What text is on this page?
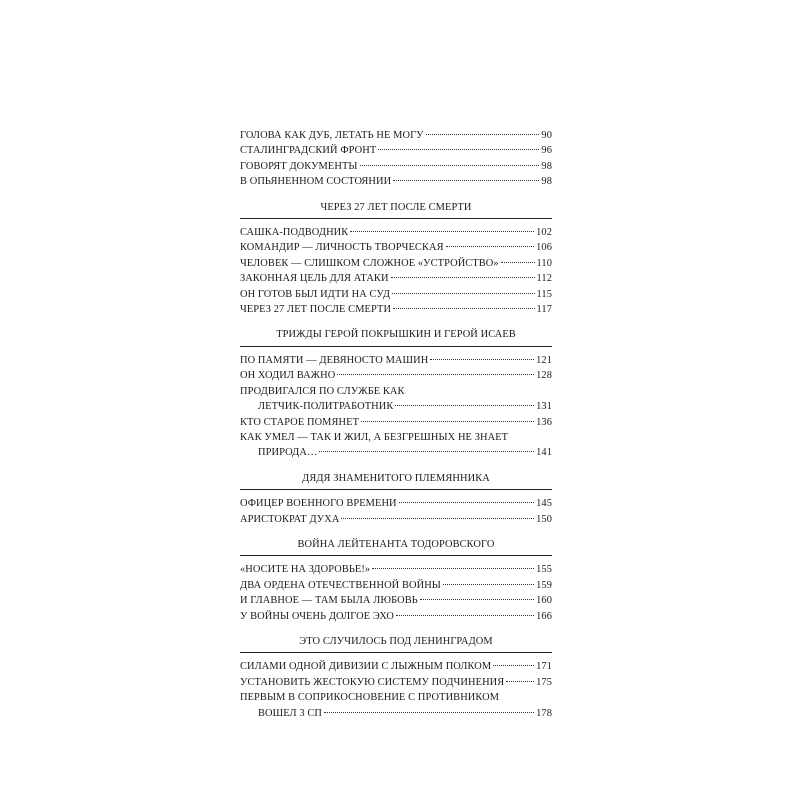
ГОЛОВА КАК ДУБ, ЛЕТАТЬ НЕ МОГУ	90
СТАЛИНГРАДСКИЙ ФРОНТ	96
ГОВОРЯТ ДОКУМЕНТЫ	98
В ОПЬЯНЕННОМ СОСТОЯНИИ	98
ЧЕРЕЗ 27 ЛЕТ ПОСЛЕ СМЕРТИ
САШКА-ПОДВОДНИК	102
КОМАНДИР — ЛИЧНОСТЬ ТВОРЧЕСКАЯ	106
ЧЕЛОВЕК — СЛИШКОМ СЛОЖНОЕ «УСТРОЙСТВО»	110
ЗАКОННАЯ ЦЕЛЬ ДЛЯ АТАКИ	112
ОН ГОТОВ БЫЛ ИДТИ НА СУД	115
ЧЕРЕЗ 27 ЛЕТ ПОСЛЕ СМЕРТИ	117
ТРИЖДЫ ГЕРОЙ ПОКРЫШКИН И ГЕРОЙ ИСАЕВ
ПО ПАМЯТИ — ДЕВЯНОСТО МАШИН	121
ОН ХОДИЛ ВАЖНО	128
ПРОДВИГАЛСЯ ПО СЛУЖБЕ КАК
ЛЕТЧИК-ПОЛИТРАБОТНИК	131
КТО СТАРОЕ ПОМЯНЕТ	136
КАК УМЕЛ — ТАК И ЖИЛ, А БЕЗГРЕШНЫХ НЕ ЗНАЕТ
ПРИРОДА…	141
ДЯДЯ ЗНАМЕНИТОГО ПЛЕМЯННИКА
ОФИЦЕР ВОЕННОГО ВРЕМЕНИ	145
АРИСТОКРАТ ДУХА	150
ВОЙНА ЛЕЙТЕНАНТА ТОДОРОВСКОГО
«НОСИТЕ НА ЗДОРОВЬЕ!»	155
ДВА ОРДЕНА ОТЕЧЕСТВЕННОЙ ВОЙНЫ	159
И ГЛАВНОЕ — ТАМ БЫЛА ЛЮБОВЬ	160
У ВОЙНЫ ОЧЕНЬ ДОЛГОЕ ЭХО	166
ЭТО СЛУЧИЛОСЬ ПОД ЛЕНИНГРАДОМ
СИЛАМИ ОДНОЙ ДИВИЗИИ С ЛЫЖНЫМ ПОЛКОМ	171
УСТАНОВИТЬ ЖЕСТОКУЮ СИСТЕМУ ПОДЧИНЕНИЯ	175
ПЕРВЫМ В СОПРИКОСНОВЕНИЕ С ПРОТИВНИКОМ
ВОШЕЛ 3 СП	178
